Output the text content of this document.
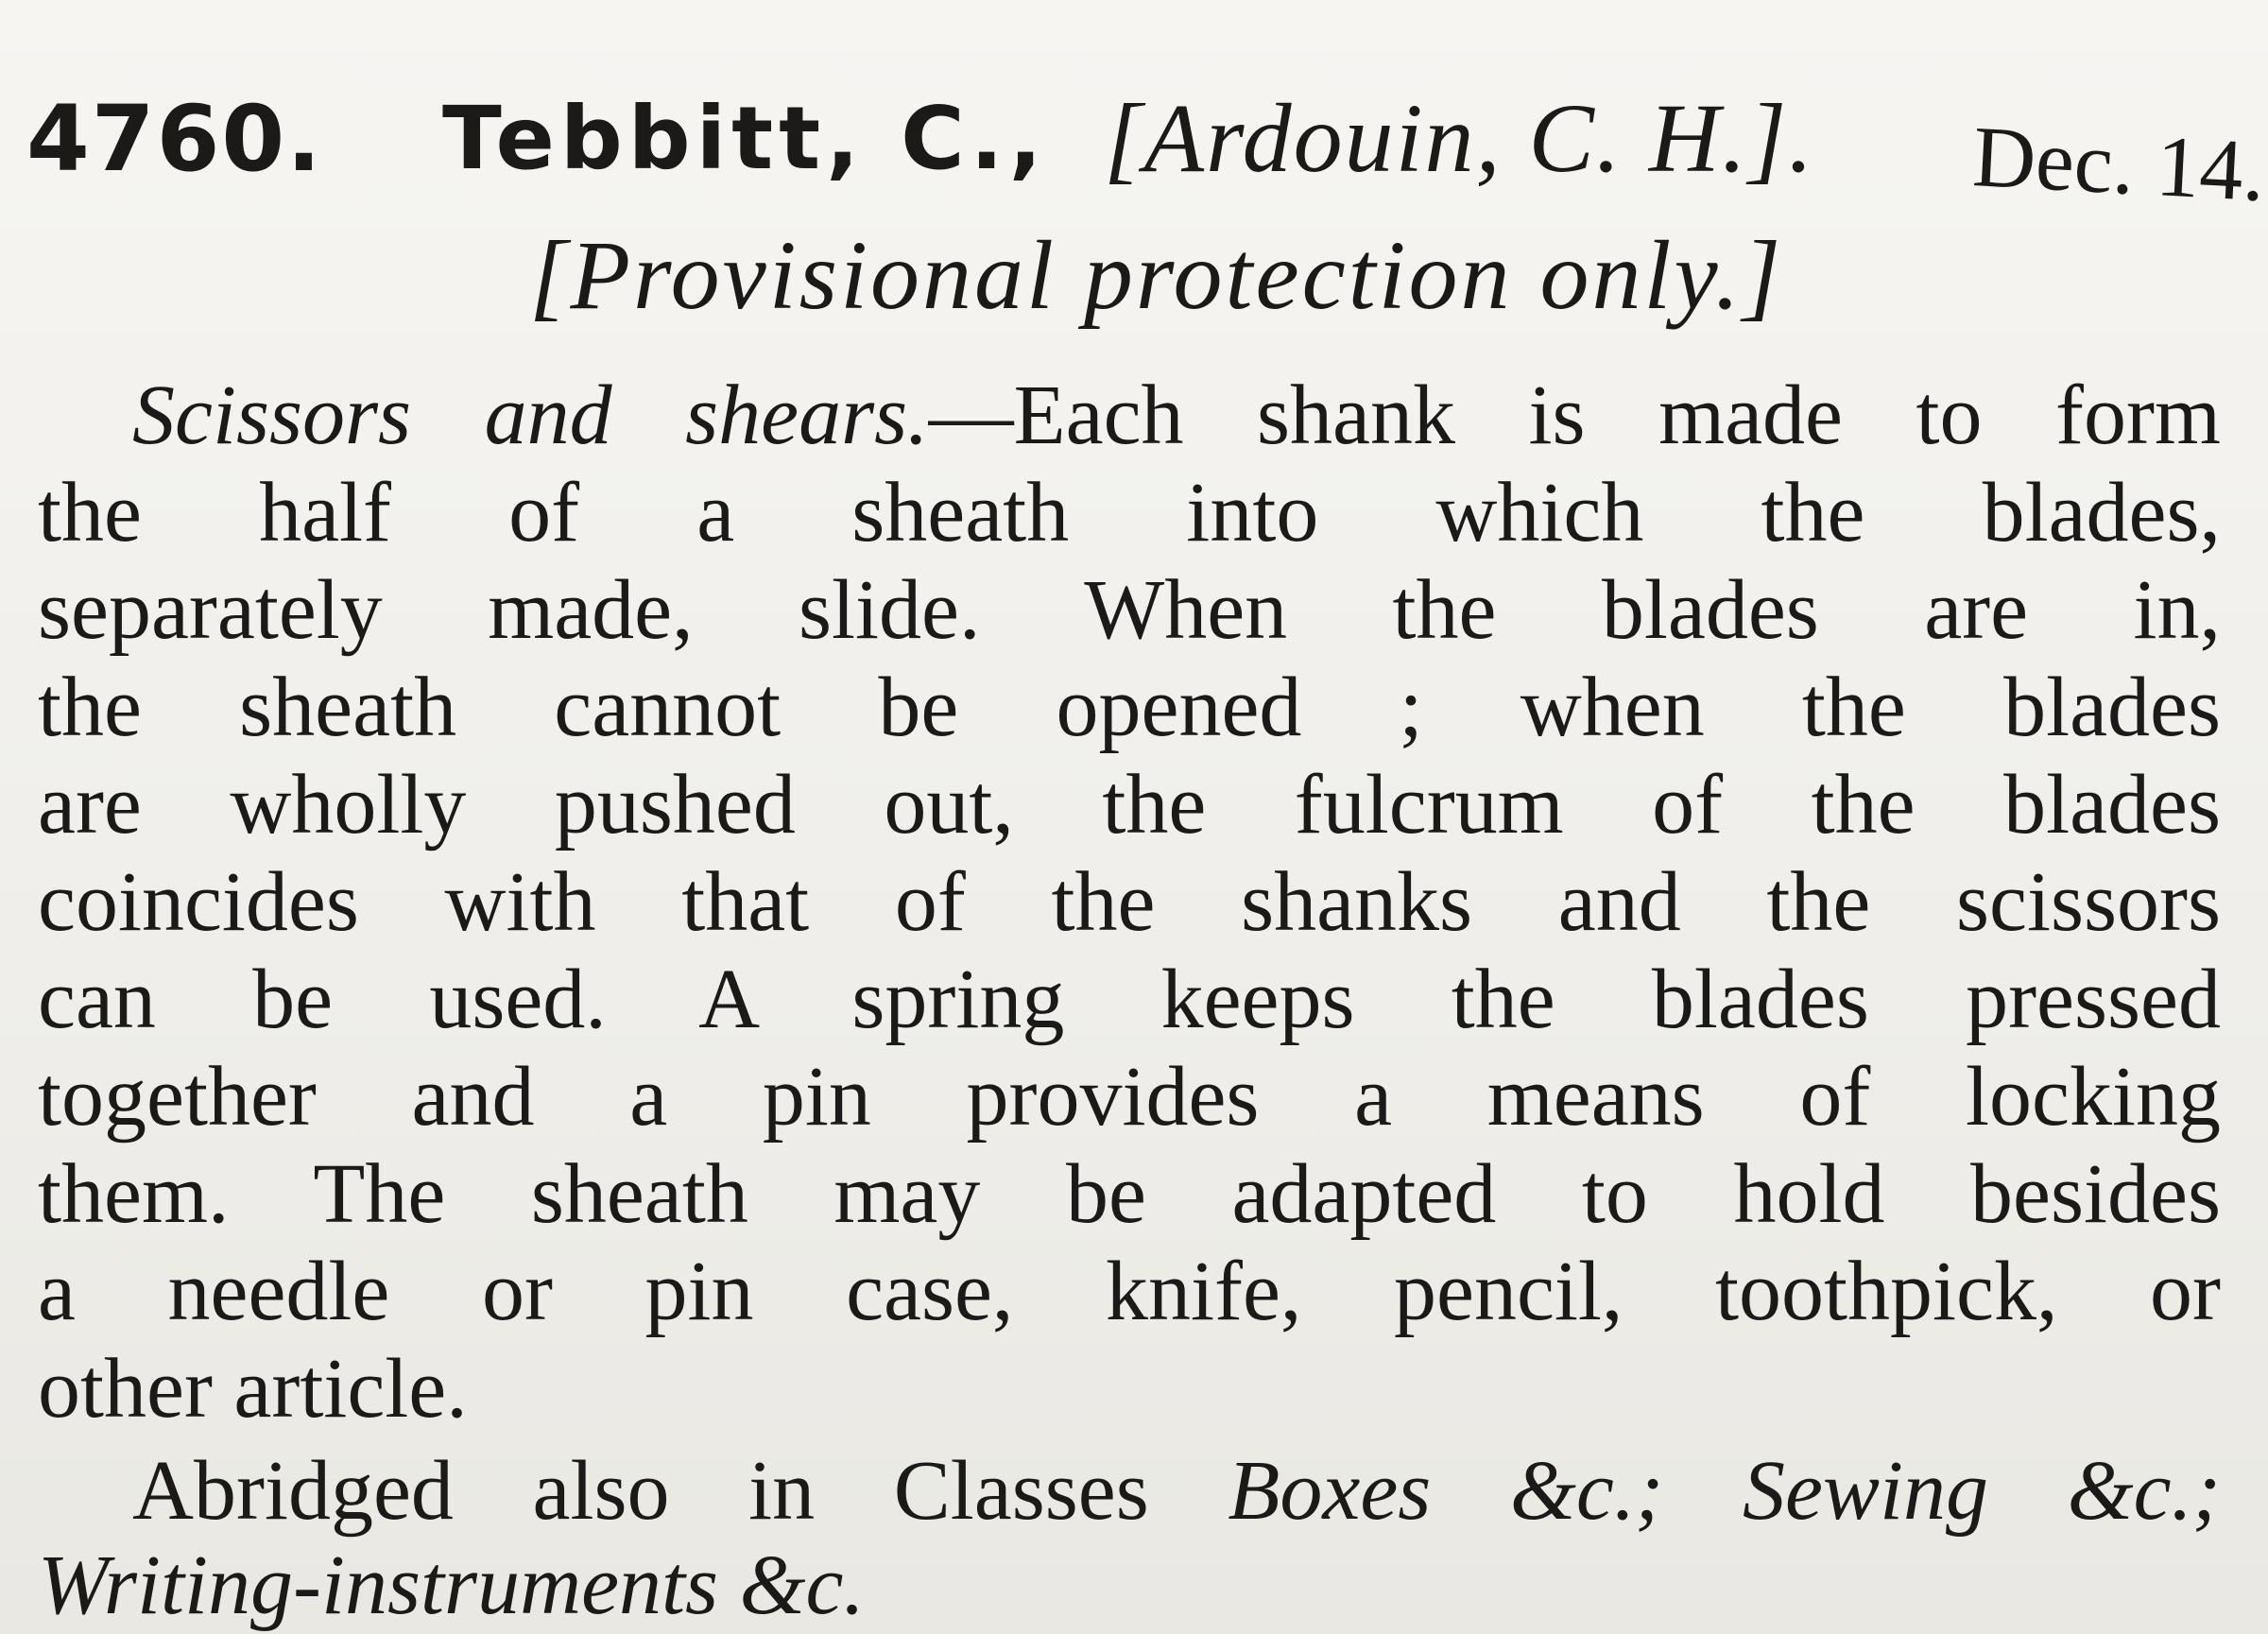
4760. Tebbitt, C., [Ardouin, C. H.]. Dec. 14.
[Provisional protection only.]
Scissors and shears.—Each shank is made to form
the half of a sheath into which the blades,
separately made, slide. When the blades are in,
the sheath cannot be opened ; when the blades
are wholly pushed out, the fulcrum of the blades
coincides with that of the shanks and the scissors
can be used. A spring keeps the blades pressed
together and a pin provides a means of locking
them. The sheath may be adapted to hold besides
a needle or pin case, knife, pencil, toothpick, or
other article.
Abridged also in Classes Boxes &c.; Sewing &c.;
Writing-instruments &c.
